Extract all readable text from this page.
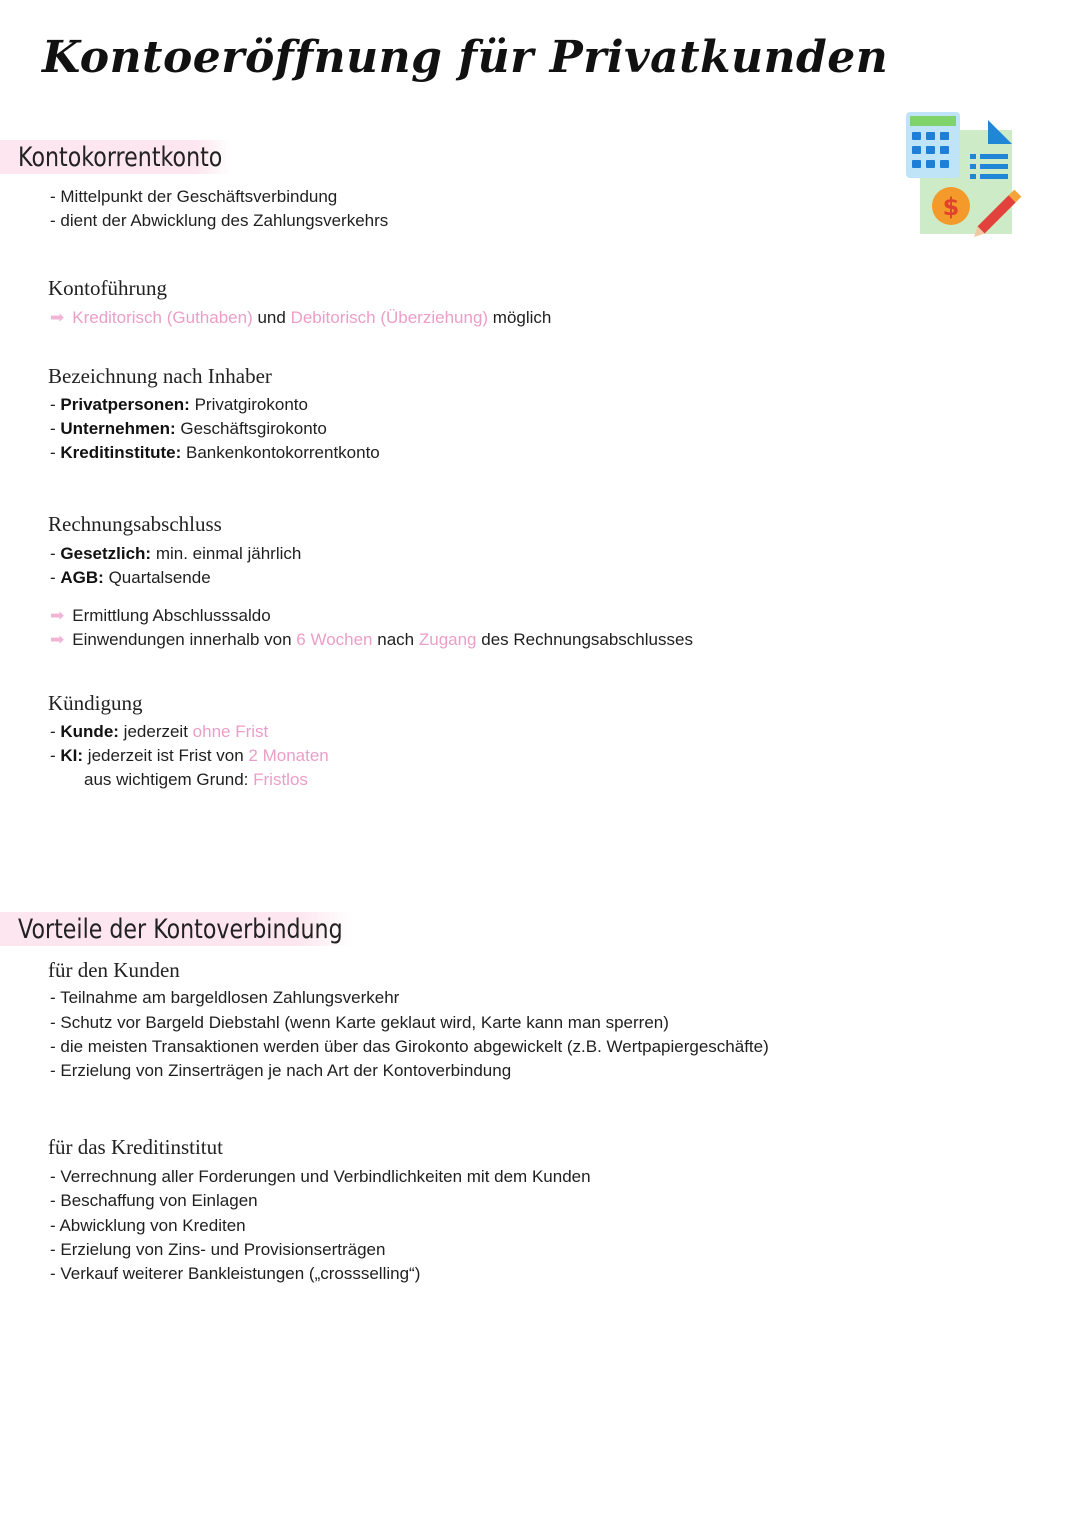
Kontoeröffnung für Privatkunden
$
Kontokorrentkonto
- Mittelpunkt der Geschäftsverbindung
- dient der Abwicklung des Zahlungsverkehrs
Kontoführung
➡ Kreditorisch (Guthaben) und Debitorisch (Überziehung) möglich
Bezeichnung nach Inhaber
- Privatpersonen: Privatgirokonto
- Unternehmen: Geschäftsgirokonto
- Kreditinstitute: Bankenkontokorrentkonto
Rechnungsabschluss
- Gesetzlich: min. einmal jährlich
- AGB: Quartalsende
➡ Ermittlung Abschlusssaldo
➡ Einwendungen innerhalb von 6 Wochen nach Zugang des Rechnungsabschlusses
Kündigung
- Kunde: jederzeit ohne Frist
- KI: jederzeit ist Frist von 2 Monaten
aus wichtigem Grund: Fristlos
Vorteile der Kontoverbindung
für den Kunden
- Teilnahme am bargeldlosen Zahlungsverkehr
- Schutz vor Bargeld Diebstahl (wenn Karte geklaut wird, Karte kann man sperren)
- die meisten Transaktionen werden über das Girokonto abgewickelt (z.B. Wertpapiergeschäfte)
- Erzielung von Zinserträgen je nach Art der Kontoverbindung
für das Kreditinstitut
- Verrechnung aller Forderungen und Verbindlichkeiten mit dem Kunden
- Beschaffung von Einlagen
- Abwicklung von Krediten
- Erzielung von Zins- und Provisionserträgen
- Verkauf weiterer Bankleistungen („crossselling“)
